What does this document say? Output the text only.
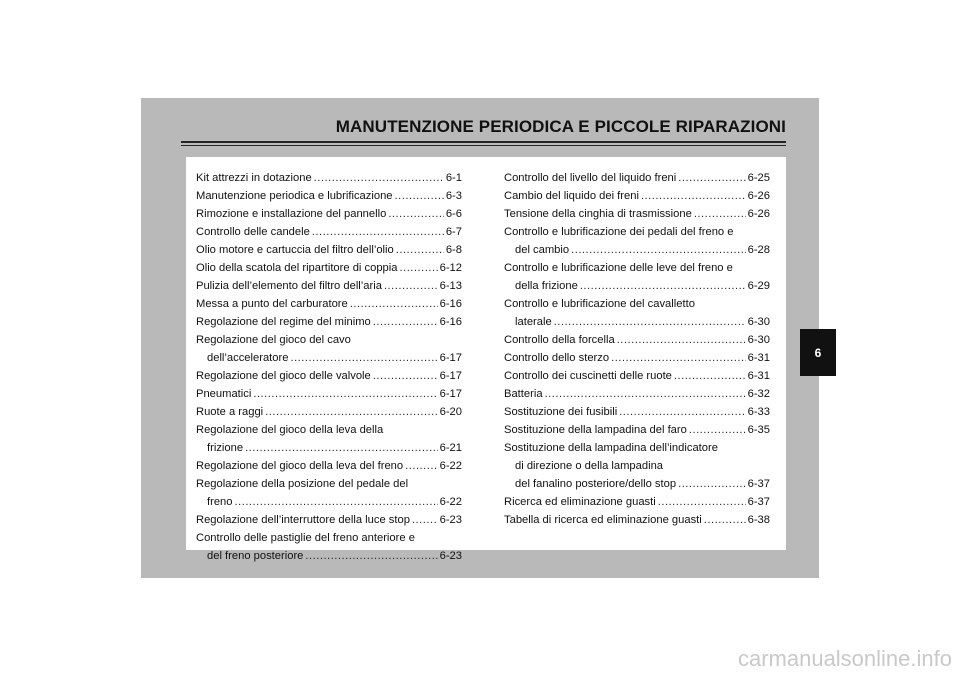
MANUTENZIONE PERIODICA E PICCOLE RIPARAZIONI
6
Kit attrezzi in dotazione .....	6-1
Manutenzione periodica e lubrificazione .....	6-3
Rimozione e installazione del pannello .....	6-6
Controllo delle candele .....	6-7
Olio motore e cartuccia del filtro dell’olio .....	6-8
Olio della scatola del ripartitore di coppia .....	6-12
Pulizia dell’elemento del filtro dell’aria .....	6-13
Messa a punto del carburatore .....	6-16
Regolazione del regime del minimo .....	6-16
Regolazione del gioco del cavo
dell’acceleratore .....	6-17
Regolazione del gioco delle valvole .....	6-17
Pneumatici .....	6-17
Ruote a raggi .....	6-20
Regolazione del gioco della leva della
frizione .....	6-21
Regolazione del gioco della leva del freno .....	6-22
Regolazione della posizione del pedale del
freno .....	6-22
Regolazione dell’interruttore della luce stop .....	6-23
Controllo delle pastiglie del freno anteriore e
del freno posteriore .....	6-23
Controllo del livello del liquido freni .....	6-25
Cambio del liquido dei freni .....	6-26
Tensione della cinghia di trasmissione .....	6-26
Controllo e lubrificazione dei pedali del freno e
del cambio .....	6-28
Controllo e lubrificazione delle leve del freno e
della frizione .....	6-29
Controllo e lubrificazione del cavalletto
laterale .....	6-30
Controllo della forcella .....	6-30
Controllo dello sterzo .....	6-31
Controllo dei cuscinetti delle ruote .....	6-31
Batteria .....	6-32
Sostituzione dei fusibili .....	6-33
Sostituzione della lampadina del faro .....	6-35
Sostituzione della lampadina dell’indicatore
di direzione o della lampadina
del fanalino posteriore/dello stop .....	6-37
Ricerca ed eliminazione guasti .....	6-37
Tabella di ricerca ed eliminazione guasti .....	6-38
carmanualsonline.info
